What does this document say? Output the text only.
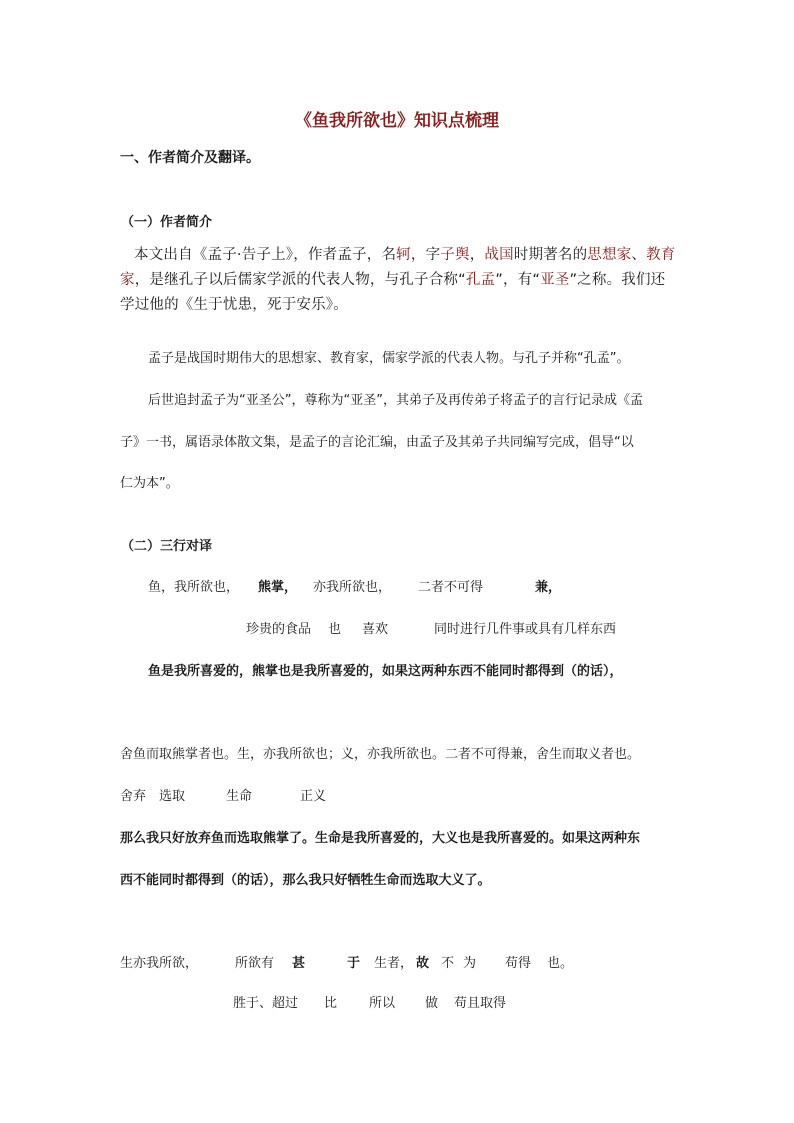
《鱼我所欲也》知识点梳理
一、作者简介及翻译。
（一）作者简介
本文出自《孟子·告子上》，作者孟子，名轲，字子舆，战国时期著名的思想家、教育家，是继孔子以后儒家学派的代表人物，与孔子合称“孔孟”，有“亚圣”之称。我们还学过他的《生于忧患，死于安乐》。
孟子是战国时期伟大的思想家、教育家，儒家学派的代表人物。与孔子并称“孔孟”。
后世追封孟子为“亚圣公”，尊称为“亚圣”，其弟子及再传弟子将孟子的言行记录成《孟
子》一书，属语录体散文集，是孟子的言论汇编，由孟子及其弟子共同编写完成，倡导“以
仁为本”。
（二）三行对译
鱼，我所欲也， 熊掌， 亦我所欲也， 二者不可得	兼，
珍贵的食品 也 喜欢	同时进行几件事或具有几样东西
鱼是我所喜爱的，熊掌也是我所喜爱的，如果这两种东西不能同时都得到（的话），
舍鱼而取熊掌者也。生，亦我所欲也；义，亦我所欲也。二者不可得兼，舍生而取义者也。
舍弃 选取	生命	正义
那么我只好放弃鱼而选取熊掌了。生命是我所喜爱的，大义也是我所喜爱的。如果这两种东
西不能同时都得到（的话），那么我只好牺牲生命而选取大义了。
生亦我所欲，	所欲有 甚	于 生者， 故 不 为 苟得 也。
胜于、超过 比 所以 做 苟且取得
